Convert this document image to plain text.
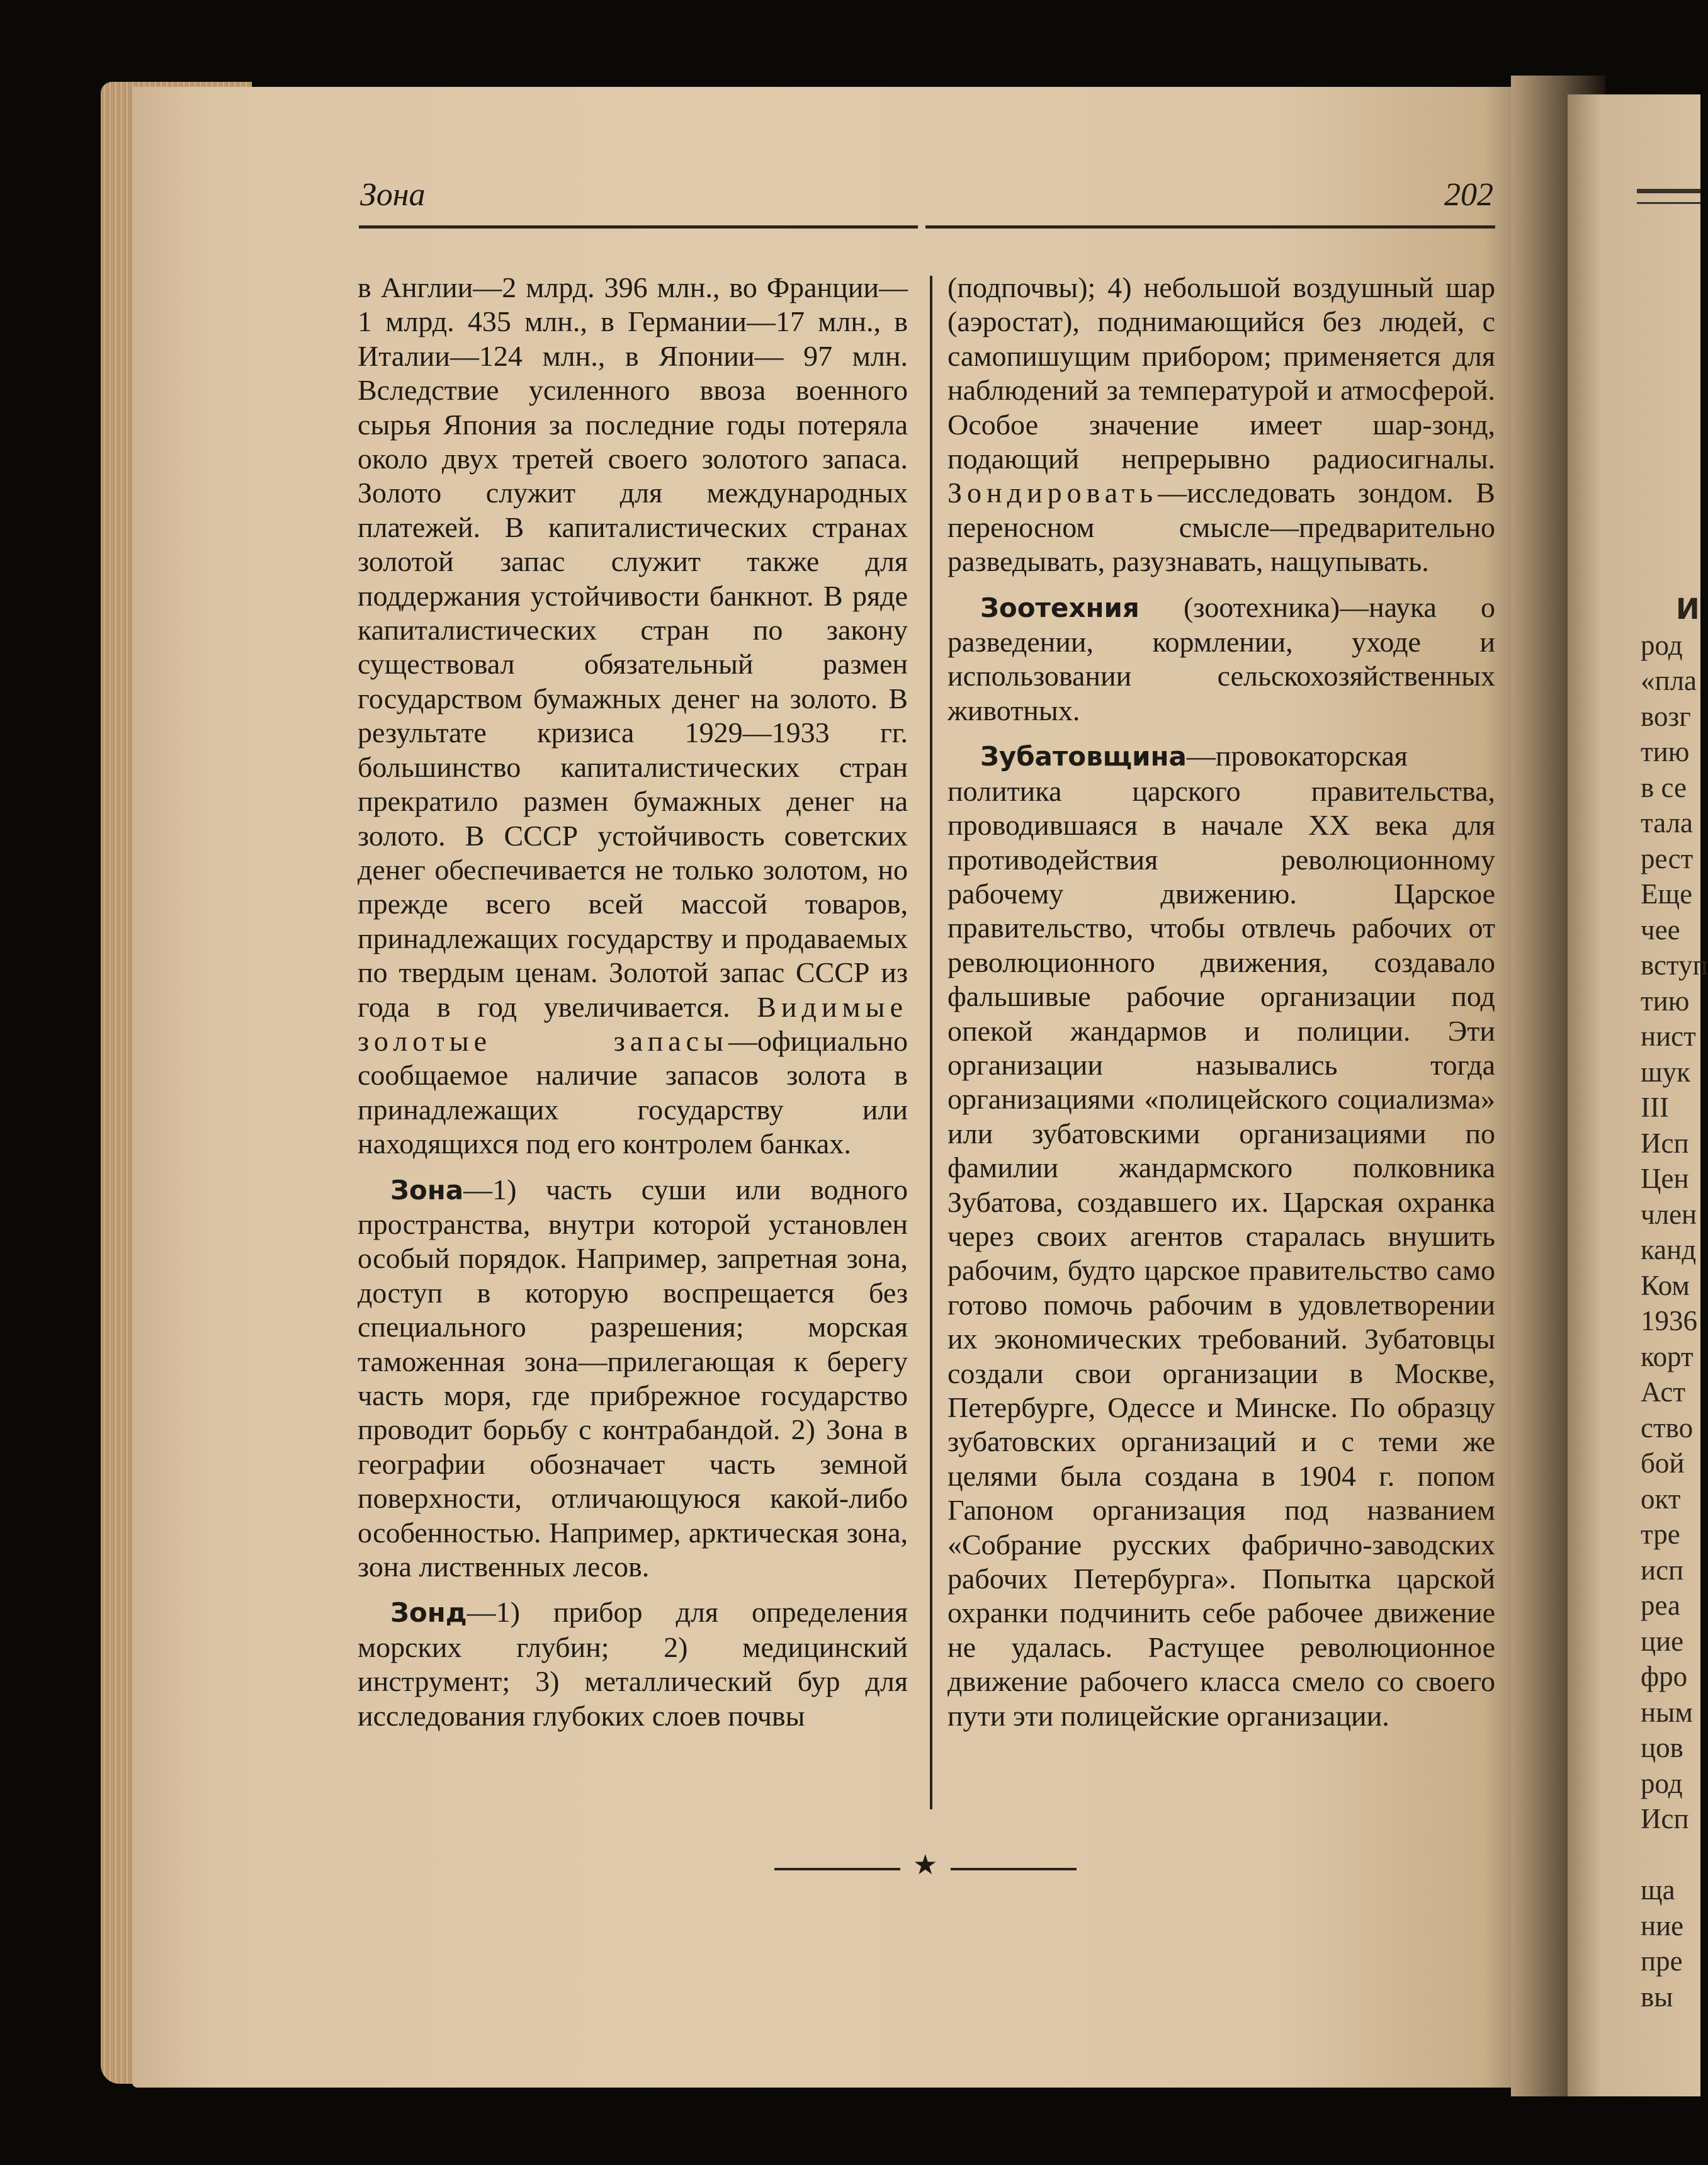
И
род
«пла
возг
тию
в се
тала
рест
Еще
чее
вступ
тию
нист
шук
III
Исп
Цен
член
канд
Ком
1936
корт
Аст
ство
бой
окт
тре
исп
реа
цие
фро
ным
цов
род
Исп

ща
ние
пре
вы
Зона	202

в Англии—2 млрд. 396 млн., во Франции—1 млрд. 435 млн., в Германии—17 млн., в Италии—124 млн., в Японии— 97 млн. Вследствие усиленного ввоза военного сырья Япония за последние годы потеряла около двух третей своего золотого запаса. Золото служит для международных платежей. В капиталистических странах золотой запас служит также для поддержания устойчивости банкнот. В ряде капиталистических стран по закону существовал обязательный размен государством бумажных денег на золото. В результате кризиса 1929—1933 гг. большинство капиталистических стран прекратило размен бумажных денег на золото. В СССР устойчивость советских денег обеспечивается не только золотом, но прежде всего всей массой товаров, принадлежащих государству и продаваемых по твердым ценам. Золотой запас СССР из года в год увеличивается. Видимые золотые запасы—официально сообщаемое наличие запасов золота в принадлежащих государству или находящихся под его контролем банках.

Зона—1) часть суши или водного пространства, внутри которой установлен особый порядок. Например, запретная зона, доступ в которую воспрещается без специального разрешения; морская таможенная зона—прилегающая к берегу часть моря, где прибрежное государство проводит борьбу с контрабандой. 2) Зона в географии обозначает часть земной поверхности, отличающуюся какой-либо особенностью. Например, арктическая зона, зона лиственных лесов.

Зонд—1) прибор для определения морских глубин; 2) медицинский инструмент; 3) металлический бур для исследования глубоких слоев почвы

(подпочвы); 4) небольшой воздушный шар (аэростат), поднимающийся без людей, с самопишущим прибором; применяется для наблюдений за температурой и атмосферой. Особое значение имеет шар-зонд, подающий непрерывно радиосигналы. Зондировать—исследовать зондом. В переносном смысле—предварительно разведывать, разузнавать, нащупывать.

Зоотехния (зоотехника)—наука о разведении, кормлении, уходе и использовании сельскохозяйственных животных.

Зубатовщина—провокаторская политика царского правительства, проводившаяся в начале XX века для противодействия революционному рабочему движению. Царское правительство, чтобы отвлечь рабочих от революционного движения, создавало фальшивые рабочие организации под опекой жандармов и полиции. Эти организации назывались тогда организациями «полицейского социализма» или зубатовскими организациями по фамилии жандармского полковника Зубатова, создавшего их. Царская охранка через своих агентов старалась внушить рабочим, будто царское правительство само готово помочь рабочим в удовлетворении их экономических требований. Зубатовцы создали свои организации в Москве, Петербурге, Одессе и Минске. По образцу зубатовских организаций и с теми же целями была создана в 1904 г. попом Гапоном организация под названием «Собрание русских фабрично-заводских рабочих Петербурга». Попытка царской охранки подчинить себе рабочее движение не удалась. Растущее революционное движение рабочего класса смело со своего пути эти полицейские организации.

★
